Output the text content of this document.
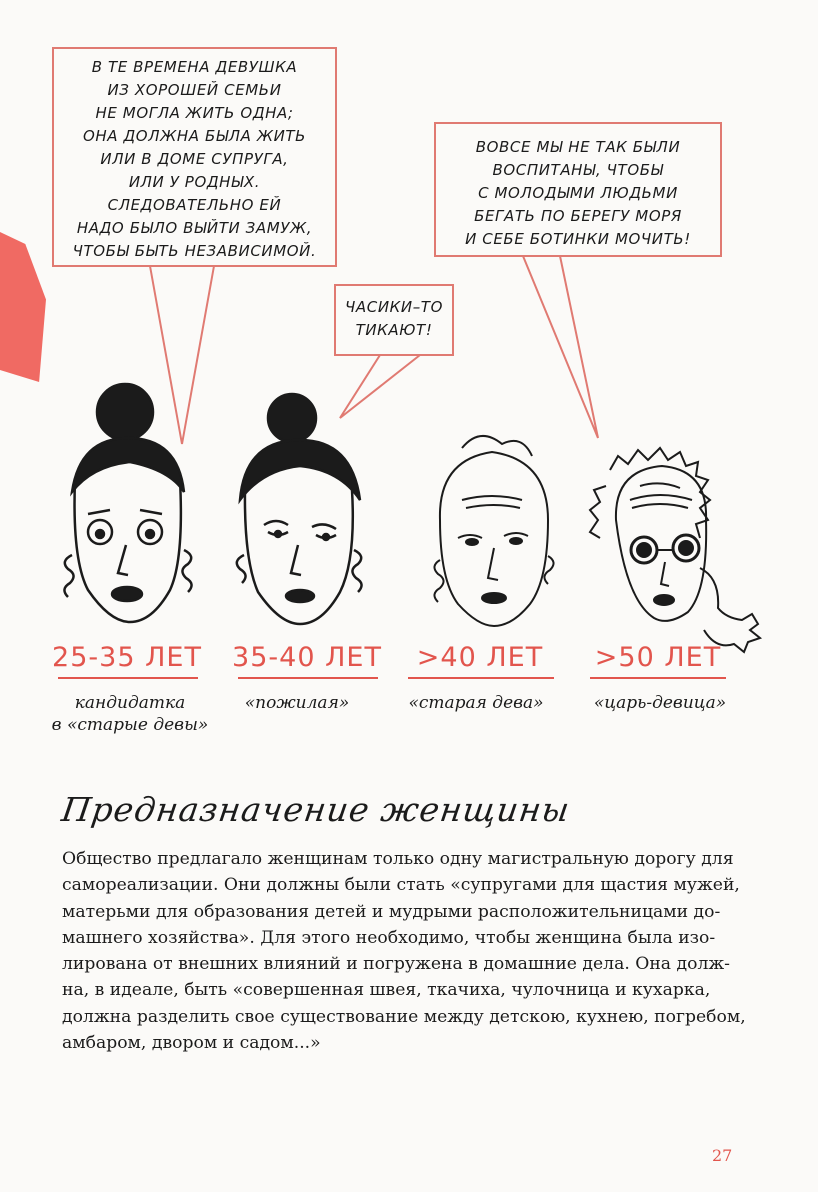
В ТЕ ВРЕМЕНА ДЕВУШКА
ИЗ ХОРОШЕЙ СЕМЬИ
НЕ МОГЛА ЖИТЬ ОДНА;
ОНА ДОЛЖНА БЫЛА ЖИТЬ
ИЛИ В ДОМЕ СУПРУГА,
ИЛИ У РОДНЫХ.
СЛЕДОВАТЕЛЬНО ЕЙ
НАДО БЫЛО ВЫЙТИ ЗАМУЖ,
ЧТОБЫ БЫТЬ НЕЗАВИСИМОЙ.
ЧАСИКИ–ТО
ТИКАЮТ!
ВОВСЕ МЫ НЕ ТАК БЫЛИ
ВОСПИТАНЫ, ЧТОБЫ
С МОЛОДЫМИ ЛЮДЬМИ
БЕГАТЬ ПО БЕРЕГУ МОРЯ
И СЕБЕ БОТИНКИ МОЧИТЬ!
25-35 ЛЕТ 35-40 ЛЕТ	>40 ЛЕТ	>50 ЛЕТ
кандидатка
в «старые девы»
«пожилая»	«старая дева»	«царь-девица»
Предназначение женщины
Общество предлагало женщинам только одну магистральную дорогу для
самореализации. Они должны были стать «супругами для щастия мужей,
матерьми для образования детей и мудрыми расположительницами до-
машнего хозяйства». Для этого необходимо, чтобы женщина была изо-
лирована от внешних влияний и погружена в домашние дела. Она долж-
на, в идеале, быть «совершенная швея, ткачиха, чулочница и кухарка,
должна разделить свое существование между детскою, кухнею, погребом,
амбаром, двором и садом...»
27
